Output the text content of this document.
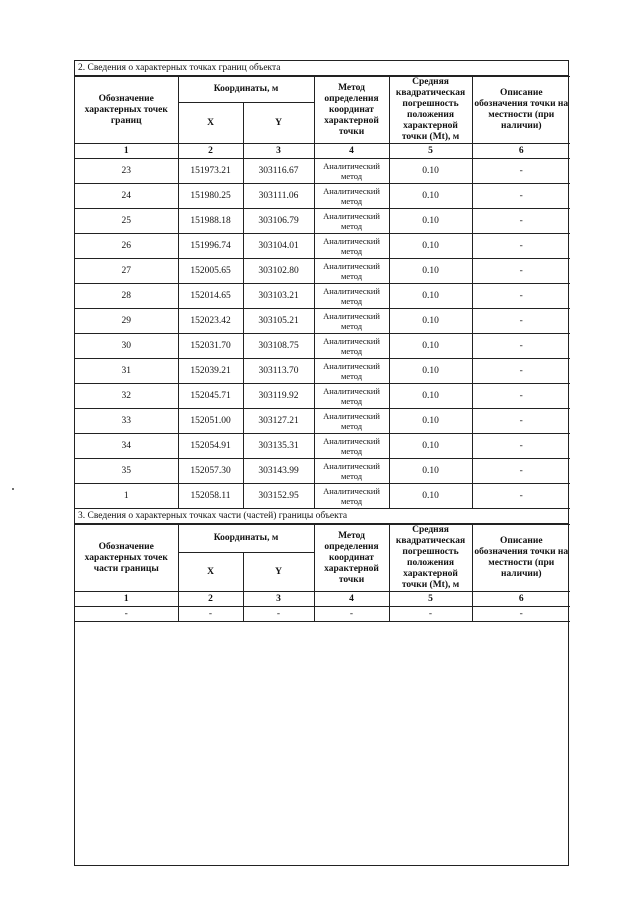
2. Сведения о характерных точках границ объекта
Обозначение характерных точек границ	Координаты, м		Метод определения координат характерной точки	Средняя квадратическая погрешность положения характерной точки (Mt), м	Описание обозначения точки на местности (при наличии)
	X	Y			
1	2	3	4	5	6
23	151973.21	303116.67	Аналитический метод	0.10	-
24	151980.25	303111.06	Аналитический метод	0.10	-
25	151988.18	303106.79	Аналитический метод	0.10	-
26	151996.74	303104.01	Аналитический метод	0.10	-
27	152005.65	303102.80	Аналитический метод	0.10	-
28	152014.65	303103.21	Аналитический метод	0.10	-
29	152023.42	303105.21	Аналитический метод	0.10	-
30	152031.70	303108.75	Аналитический метод	0.10	-
31	152039.21	303113.70	Аналитический метод	0.10	-
32	152045.71	303119.92	Аналитический метод	0.10	-
33	152051.00	303127.21	Аналитический метод	0.10	-
34	152054.91	303135.31	Аналитический метод	0.10	-
35	152057.30	303143.99	Аналитический метод	0.10	-
1	152058.11	303152.95	Аналитический метод	0.10	-
3. Сведения о характерных точках части (частей) границы объекта
Обозначение характерных точек части границы	Координаты, м		Метод определения координат характерной точки	Средняя квадратическая погрешность положения характерной точки (Mt), м	Описание обозначения точки на местности (при наличии)
	X	Y			
1	2	3	4	5	6
-	-	-	-	-	-
